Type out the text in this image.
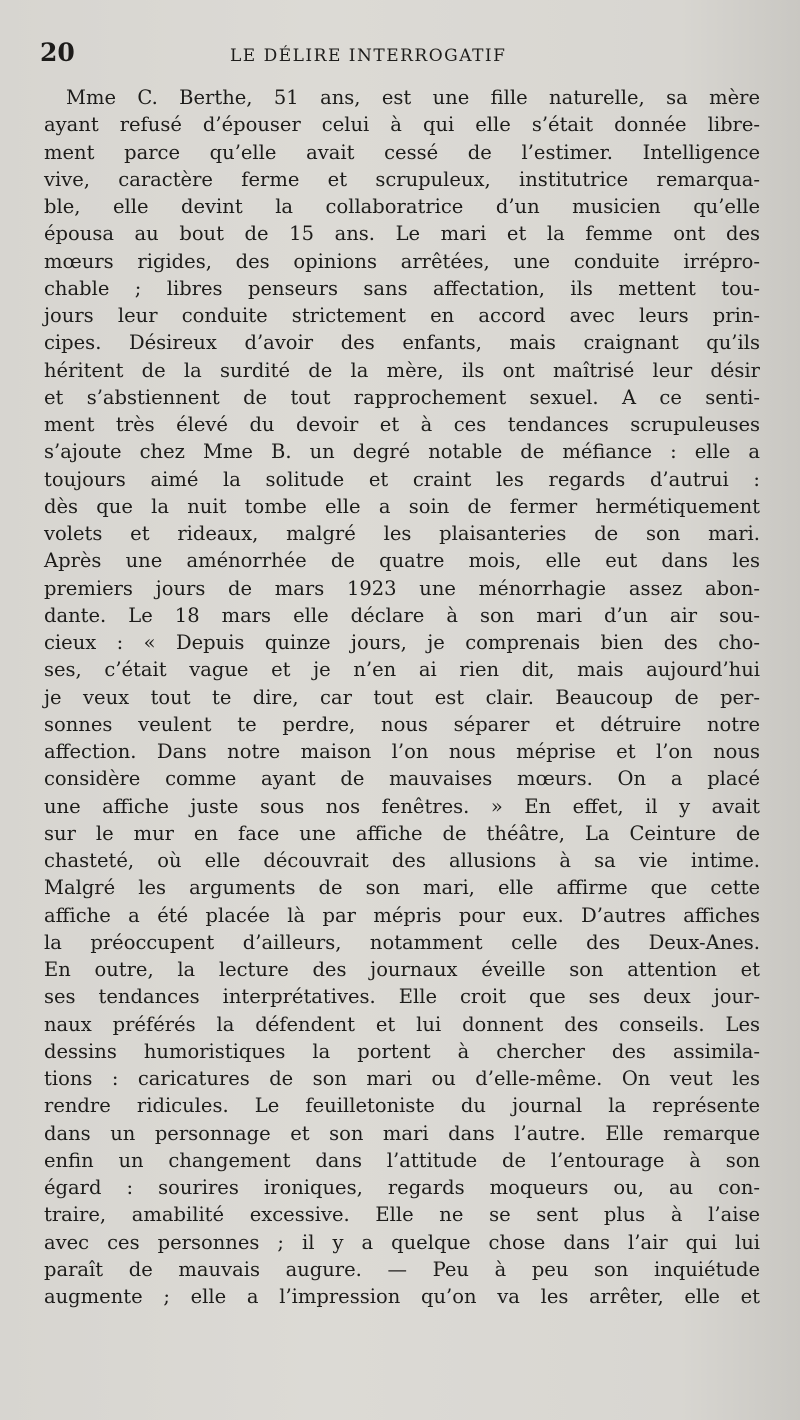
20	LE DÉLIRE INTERROGATIF
Mme C. Berthe, 51 ans, est une fille naturelle, sa mère
ayant refusé d’épouser celui à qui elle s’était donnée libre-
ment parce qu’elle avait cessé de l’estimer. Intelligence
vive, caractère ferme et scrupuleux, institutrice remarqua-
ble, elle devint la collaboratrice d’un musicien qu’elle
épousa au bout de 15 ans. Le mari et la femme ont des
mœurs rigides, des opinions arrêtées, une conduite irrépro-
chable ; libres penseurs sans affectation, ils mettent tou-
jours leur conduite strictement en accord avec leurs prin-
cipes. Désireux d’avoir des enfants, mais craignant qu’ils
héritent de la surdité de la mère, ils ont maîtrisé leur désir
et s’abstiennent de tout rapprochement sexuel. A ce senti-
ment très élevé du devoir et à ces tendances scrupuleuses
s’ajoute chez Mme B. un degré notable de méfiance : elle a
toujours aimé la solitude et craint les regards d’autrui :
dès que la nuit tombe elle a soin de fermer hermétiquement
volets et rideaux, malgré les plaisanteries de son mari.
Après une aménorrhée de quatre mois, elle eut dans les
premiers jours de mars 1923 une ménorrhagie assez abon-
dante. Le 18 mars elle déclare à son mari d’un air sou-
cieux : « Depuis quinze jours, je comprenais bien des cho-
ses, c’était vague et je n’en ai rien dit, mais aujourd’hui
je veux tout te dire, car tout est clair. Beaucoup de per-
sonnes veulent te perdre, nous séparer et détruire notre
affection. Dans notre maison l’on nous méprise et l’on nous
considère comme ayant de mauvaises mœurs. On a placé
une affiche juste sous nos fenêtres. » En effet, il y avait
sur le mur en face une affiche de théâtre, La Ceinture de
chasteté, où elle découvrait des allusions à sa vie intime.
Malgré les arguments de son mari, elle affirme que cette
affiche a été placée là par mépris pour eux. D’autres affiches
la préoccupent d’ailleurs, notamment celle des Deux-Anes.
En outre, la lecture des journaux éveille son attention et
ses tendances interprétatives. Elle croit que ses deux jour-
naux préférés la défendent et lui donnent des conseils. Les
dessins humoristiques la portent à chercher des assimila-
tions : caricatures de son mari ou d’elle-même. On veut les
rendre ridicules. Le feuilletoniste du journal la représente
dans un personnage et son mari dans l’autre. Elle remarque
enfin un changement dans l’attitude de l’entourage à son
égard : sourires ironiques, regards moqueurs ou, au con-
traire, amabilité excessive. Elle ne se sent plus à l’aise
avec ces personnes ; il y a quelque chose dans l’air qui lui
paraît de mauvais augure. — Peu à peu son inquiétude
augmente ; elle a l’impression qu’on va les arrêter, elle et
